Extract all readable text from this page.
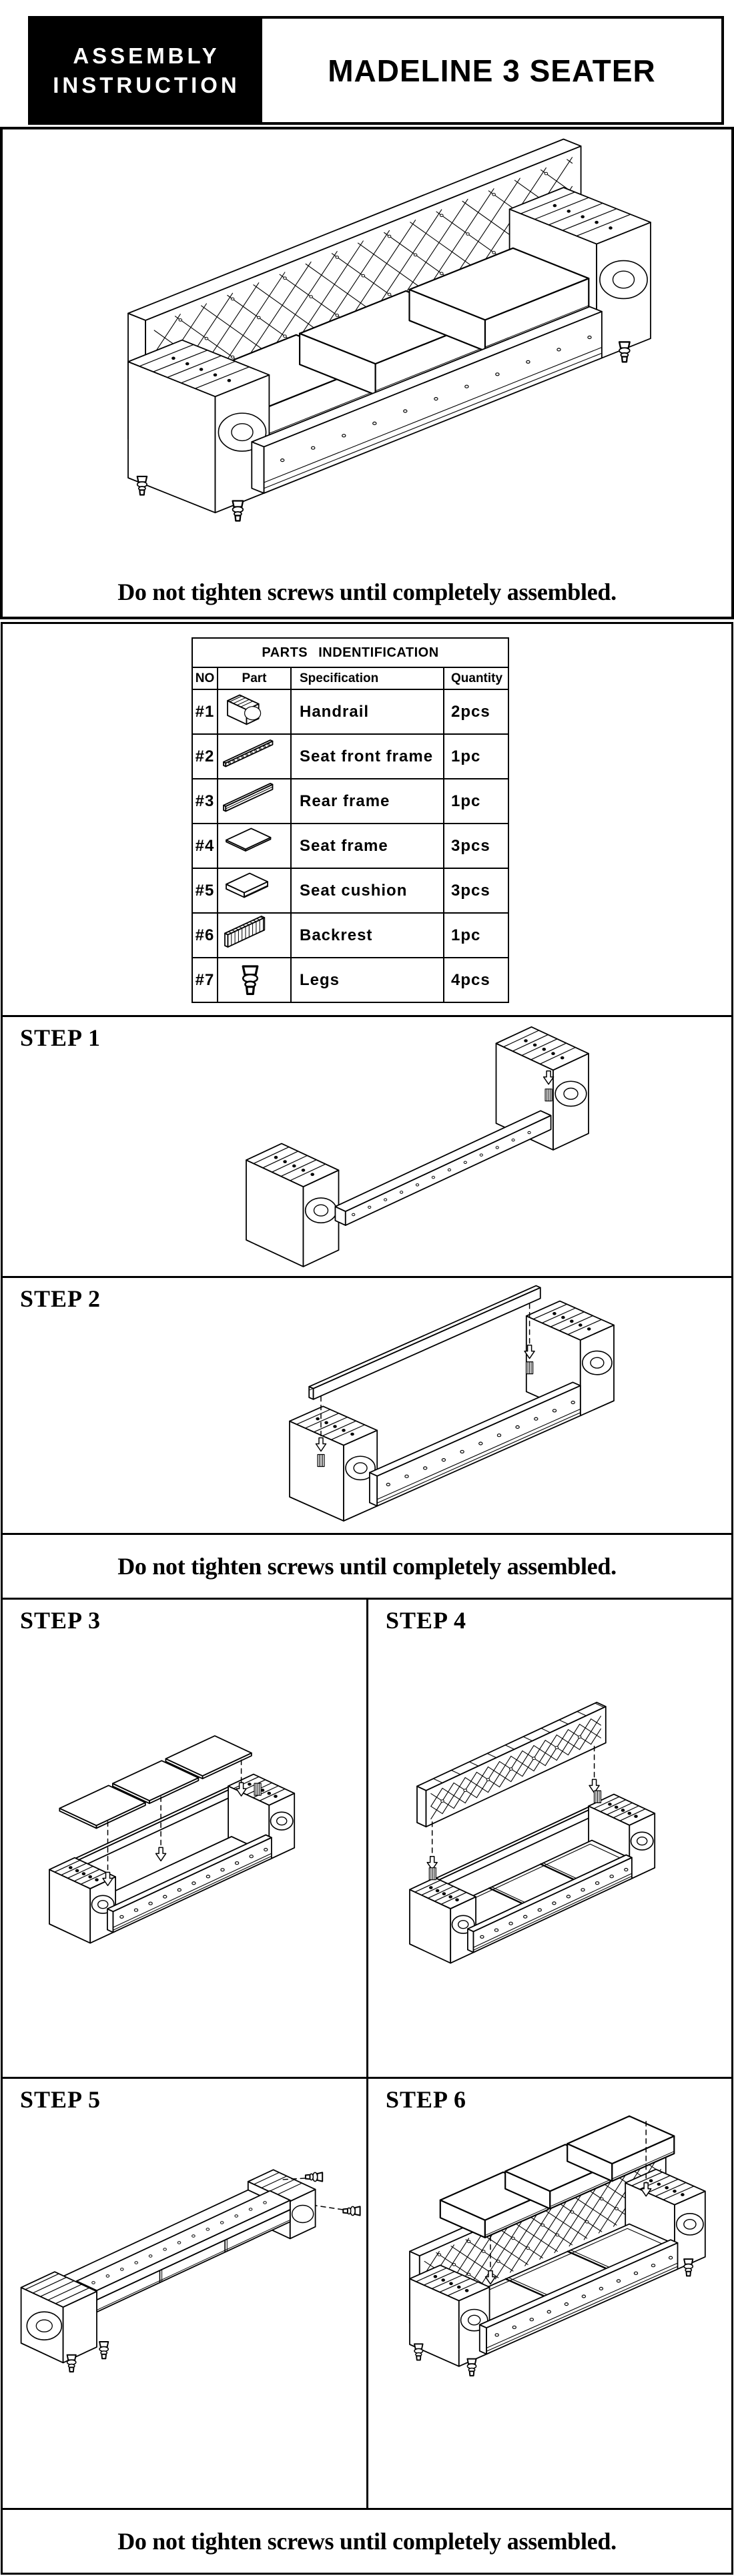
ASSEMBLY
INSTRUCTION	MADELINE 3 SEATER
Do not tighten screws until completely assembled.
PARTS INDENTIFICATION			
NO	Part	Specification	Quantity
#1		Handrail	2pcs
#2		Seat front frame	1pc
#3		Rear frame	1pc
#4		Seat frame	3pcs
#5		Seat cushion	3pcs
#6		Backrest	1pc
#7		Legs	4pcs
STEP 1
STEP 2
Do not tighten screws until completely assembled.
STEP 3	STEP 4
STEP 5	STEP 6
Do not tighten screws until completely assembled.
